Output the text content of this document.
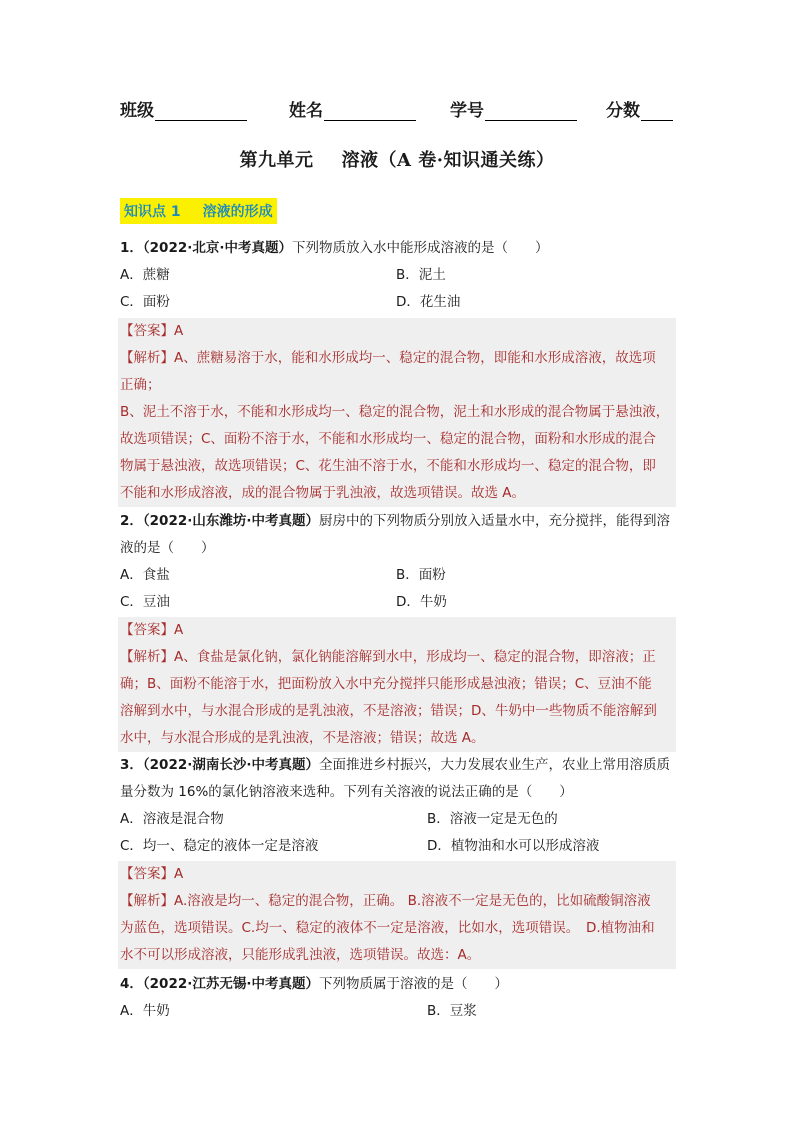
班级	姓名	学号	分数
第九单元 溶液（A 卷·知识通关练）
知识点 1 溶液的形成
1．（2022·北京·中考真题）下列物质放入水中能形成溶液的是（　　）
A．蔗糖	B．泥土
C．面粉	D．花生油
【答案】A
【解析】A、蔗糖易溶于水，能和水形成均一、稳定的混合物，即能和水形成溶液，故选项
正确；
B、泥土不溶于水，不能和水形成均一、稳定的混合物，泥土和水形成的混合物属于悬浊液，
故选项错误；C、面粉不溶于水，不能和水形成均一、稳定的混合物，面粉和水形成的混合
物属于悬浊液，故选项错误；C、花生油不溶于水，不能和水形成均一、稳定的混合物，即
不能和水形成溶液，成的混合物属于乳浊液，故选项错误。故选 A。
2．（2022·山东潍坊·中考真题）厨房中的下列物质分别放入适量水中，充分搅拌，能得到溶
液的是（　　）
A．食盐	B．面粉
C．豆油	D．牛奶
【答案】A
【解析】A、食盐是氯化钠，氯化钠能溶解到水中，形成均一、稳定的混合物，即溶液；正
确；B、面粉不能溶于水，把面粉放入水中充分搅拌只能形成悬浊液；错误；C、豆油不能
溶解到水中，与水混合形成的是乳浊液，不是溶液；错误；D、牛奶中一些物质不能溶解到
水中，与水混合形成的是乳浊液，不是溶液；错误；故选 A。
3．（2022·湖南长沙·中考真题）全面推进乡村振兴，大力发展农业生产，农业上常用溶质质
量分数为 16%的氯化钠溶液来选种。下列有关溶液的说法正确的是（　　）
A．溶液是混合物	B．溶液一定是无色的
C．均一、稳定的液体一定是溶液	D．植物油和水可以形成溶液
【答案】A
【解析】A.溶液是均一、稳定的混合物，正确。 B.溶液不一定是无色的，比如硫酸铜溶液
为蓝色，选项错误。C.均一、稳定的液体不一定是溶液，比如水，选项错误。　D.植物油和
水不可以形成溶液，只能形成乳浊液，选项错误。故选：A。
4．（2022·江苏无锡·中考真题）下列物质属于溶液的是（　　）
A．牛奶	B．豆浆
